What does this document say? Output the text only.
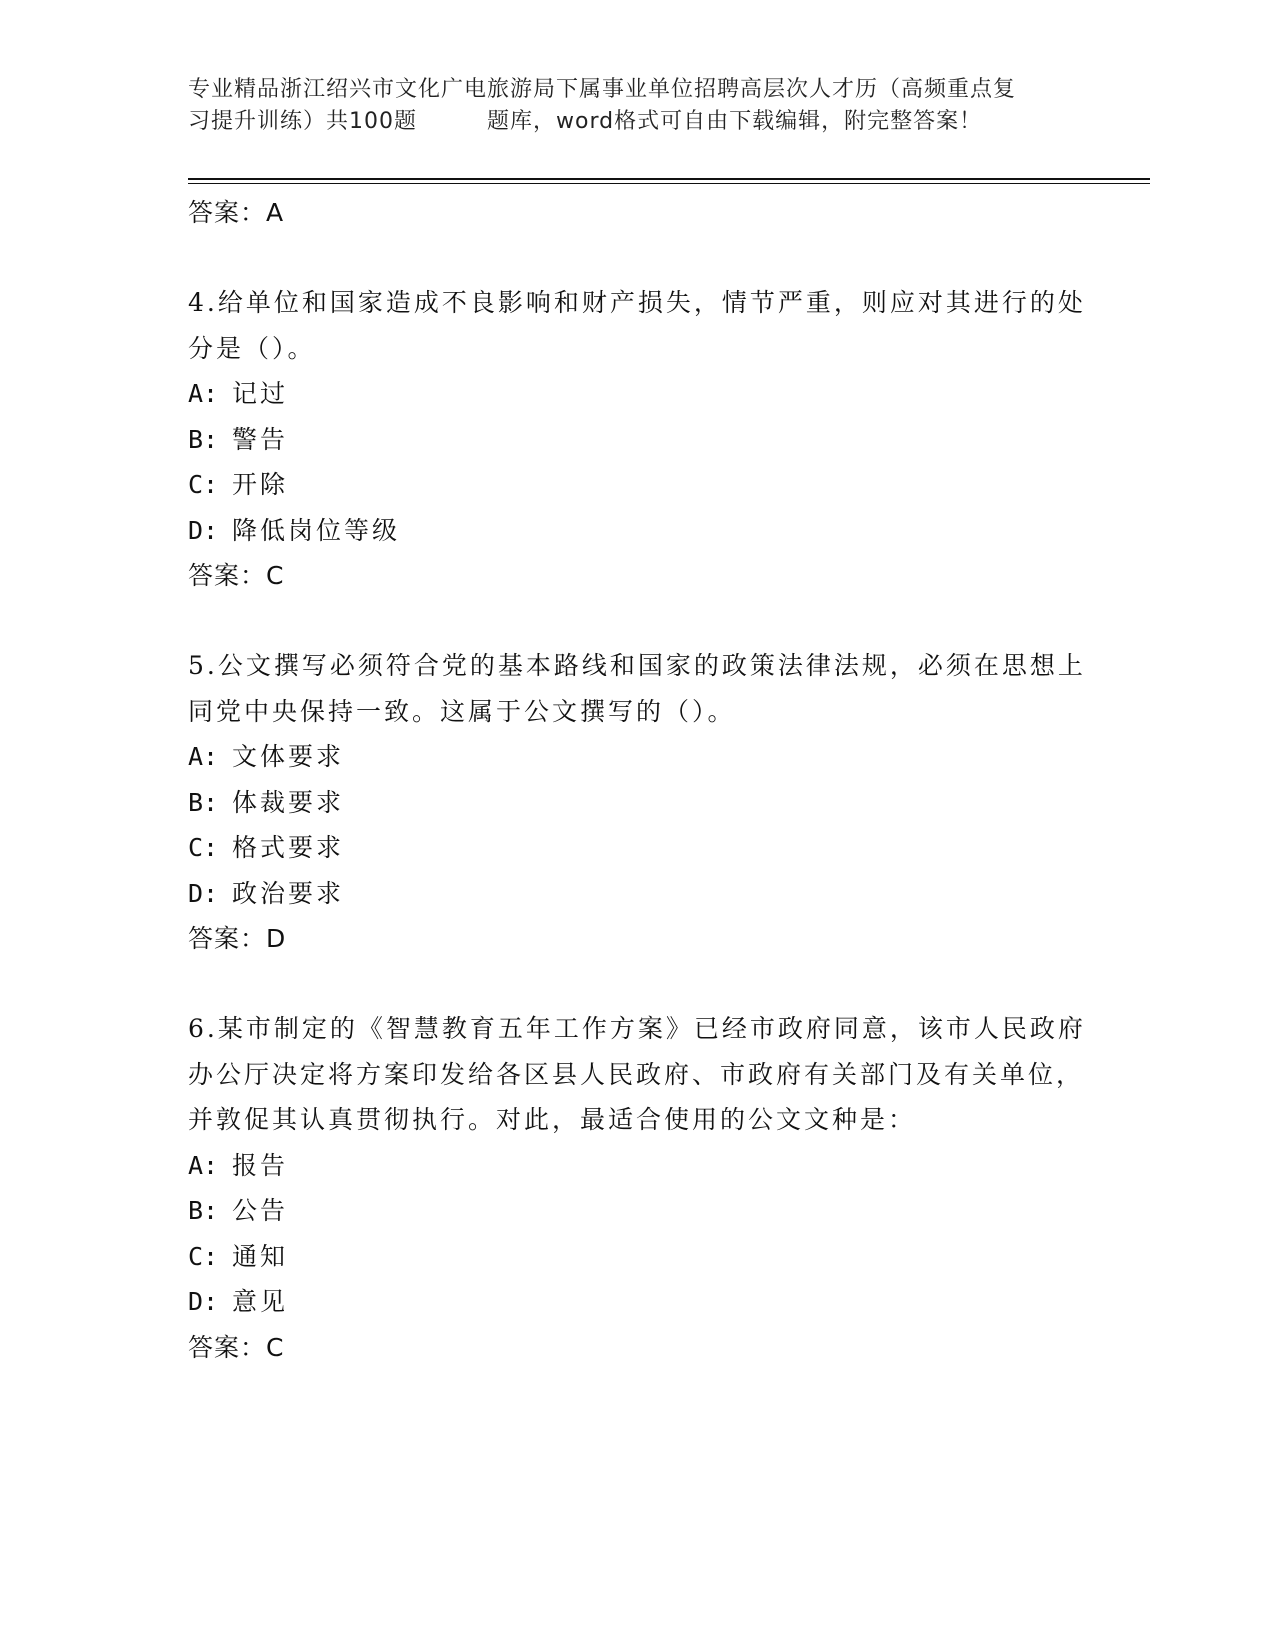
专业精品浙江绍兴市文化广电旅游局下属事业单位招聘高层次人才历（高频重点复
习提升训练）共100题	题库，word格式可自由下载编辑，附完整答案！
答案：A
4.给单位和国家造成不良影响和财产损失，情节严重，则应对其进行的处分是（）。
A: 记过
B: 警告
C: 开除
D: 降低岗位等级
答案：C
5.公文撰写必须符合党的基本路线和国家的政策法律法规，必须在思想上同党中央保持一致。这属于公文撰写的（）。
A: 文体要求
B: 体裁要求
C: 格式要求
D: 政治要求
答案：D
6.某市制定的《智慧教育五年工作方案》已经市政府同意，该市人民政府办公厅决定将方案印发给各区县人民政府、市政府有关部门及有关单位，并敦促其认真贯彻执行。对此，最适合使用的公文文种是：
A: 报告
B: 公告
C: 通知
D: 意见
答案：C
